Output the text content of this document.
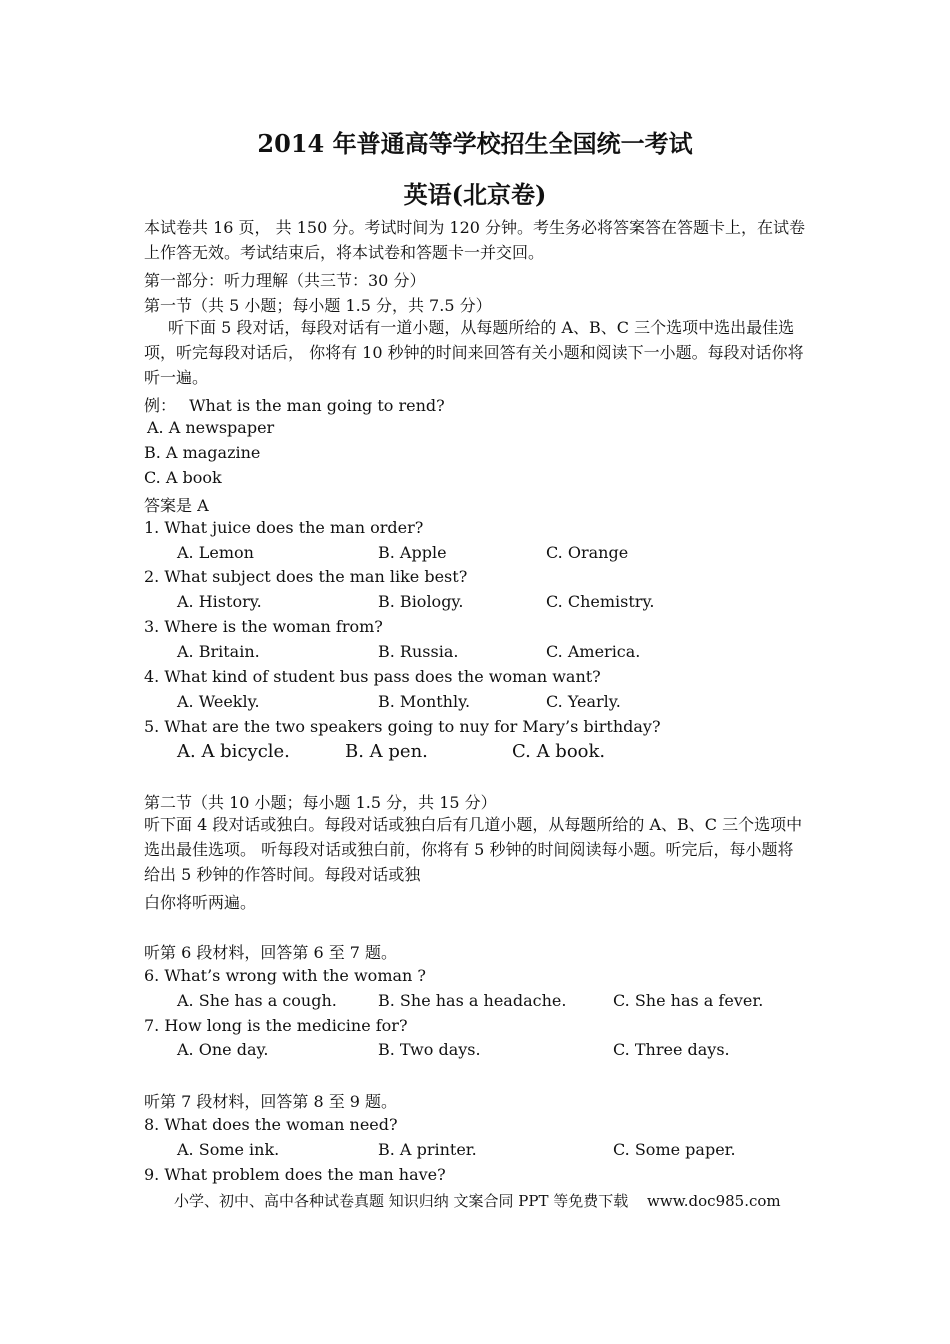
2014 年普通高等学校招生全国统一考试
英语(北京卷)
本试卷共 16 页， 共 150 分。考试时间为 120 分钟。考生务必将答案答在答题卡上，在试卷上作答无效。考试结束后，将本试卷和答题卡一并交回。
第一部分：听力理解（共三节：30 分）
第一节（共 5 小题；每小题 1.5 分，共 7.5 分）
听下面 5 段对话，每段对话有一道小题，从每题所给的 A、B、C 三个选项中选出最佳选项，听完每段对话后， 你将有 10 秒钟的时间来回答有关小题和阅读下一小题。每段对话你将听一遍。
例： What is the man going to rend?
A. A newspaper
B. A magazine
C. A book
答案是 A
1. What juice does the man order?
A. Lemon	B. Apple	C. Orange
2. What subject does the man like best?
A. History.	B. Biology.	C. Chemistry.
3. Where is the woman from?
A. Britain.	B. Russia.	C. America.
4. What kind of student bus pass does the woman want?
A. Weekly.	B. Monthly.	C. Yearly.
5. What are the two speakers going to nuy for Mary’s birthday?
A. A bicycle.	B. A pen.	C. A book.
第二节（共 10 小题；每小题 1.5 分，共 15 分）
听下面 4 段对话或独白。每段对话或独白后有几道小题，从每题所给的 A、B、C 三个选项中选出最佳选项。 听每段对话或独白前，你将有 5 秒钟的时间阅读每小题。听完后，每小题将给出 5 秒钟的作答时间。每段对话或独
白你将听两遍。
听第 6 段材料，回答第 6 至 7 题。
6. What’s wrong with the woman ?
A. She has a cough.	B. She has a headache.	C. She has a fever.
7. How long is the medicine for?
A. One day.	B. Two days.	C. Three days.
听第 7 段材料，回答第 8 至 9 题。
8. What does the woman need?
A. Some ink.	B. A printer.	C. Some paper.
9. What problem does the man have?
小学、初中、高中各种试卷真题 知识归纳 文案合同 PPT 等免费下载 www.doc985.com
